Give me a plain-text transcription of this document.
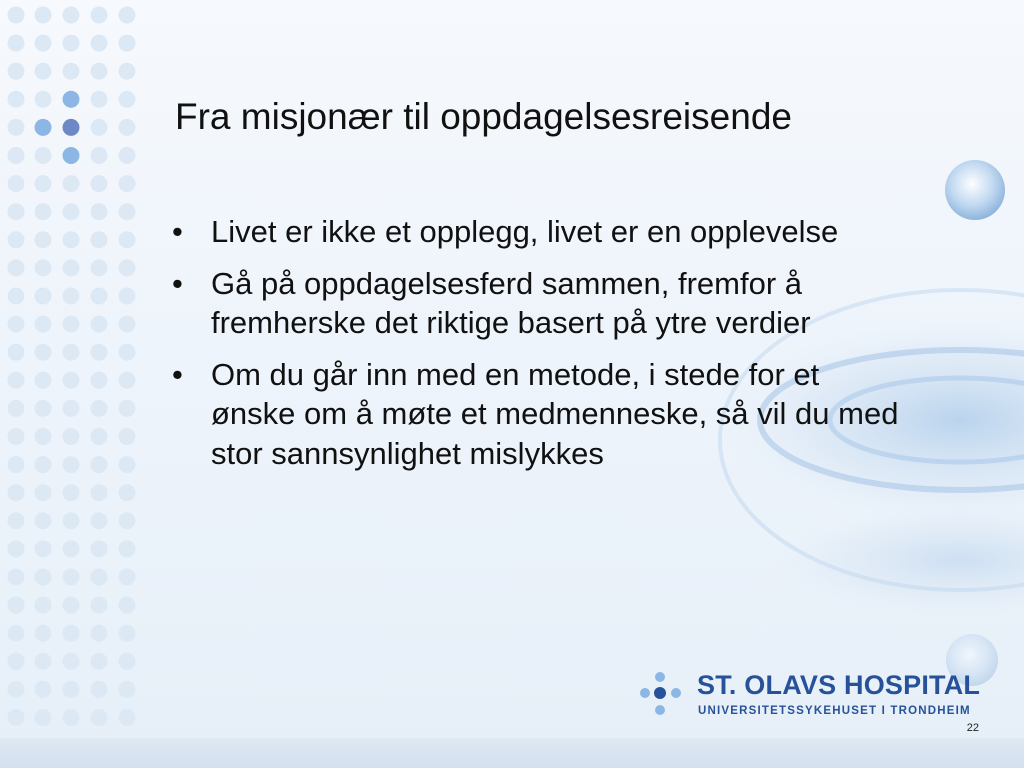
Fra misjonær til oppdagelsesreisende
• Livet er ikke et opplegg, livet er en opplevelse
• Gå på oppdagelsesferd sammen, fremfor å fremherske det riktige basert på ytre verdier
• Om du går inn med en metode, i stede for et ønske om å møte et medmenneske, så vil du med stor sannsynlighet mislykkes
ST. OLAVS HOSPITAL
UNIVERSITETSSYKEHUSET I TRONDHEIM
22
